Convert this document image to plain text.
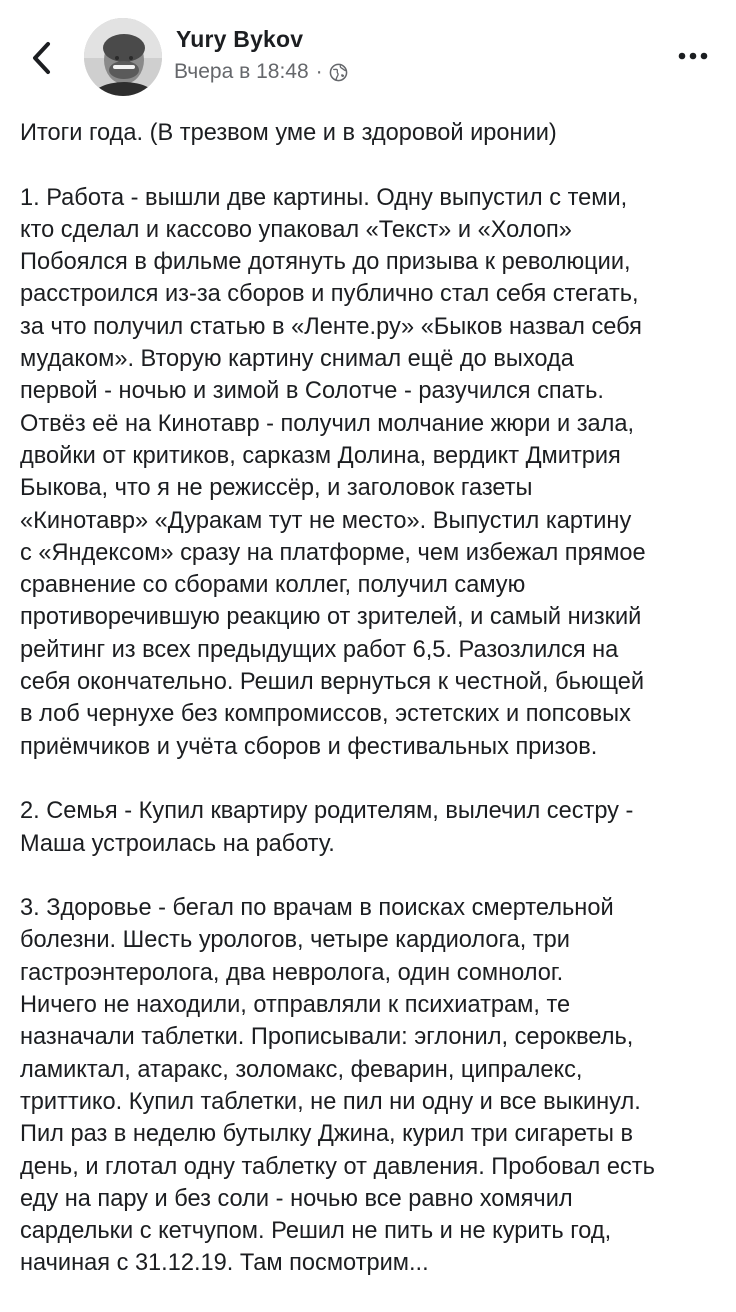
Yury Bykov
Вчера в 18:48 ·

Итоги года. (В трезвом уме и в здоровой иронии)

1. Работа - вышли две картины. Одну выпустил с теми,
кто сделал и кассово упаковал «Текст» и «Холоп»
Побоялся в фильме дотянуть до призыва к революции,
расстроился из-за сборов и публично стал себя стегать,
за что получил статью в «Ленте.ру» «Быков назвал себя
мудаком». Вторую картину снимал ещё до выхода
первой - ночью и зимой в Солотче - разучился спать.
Отвёз её на Кинотавр - получил молчание жюри и зала,
двойки от критиков, сарказм Долина, вердикт Дмитрия
Быкова, что я не режиссёр, и заголовок газеты
«Кинотавр» «Дуракам тут не место». Выпустил картину
с «Яндексом» сразу на платформе, чем избежал прямое
сравнение со сборами коллег, получил самую
противоречившую реакцию от зрителей, и самый низкий
рейтинг из всех предыдущих работ 6,5. Разозлился на
себя окончательно. Решил вернуться к честной, бьющей
в лоб чернухе без компромиссов, эстетских и попсовых
приёмчиков и учёта сборов и фестивальных призов.

2. Семья - Купил квартиру родителям, вылечил сестру -
Маша устроилась на работу.

3. Здоровье - бегал по врачам в поисках смертельной
болезни. Шесть урологов, четыре кардиолога, три
гастроэнтеролога, два невролога, один сомнолог.
Ничего не находили, отправляли к психиатрам, те
назначали таблетки. Прописывали: эглонил, сероквель,
ламиктал, атаракс, золомакс, феварин, ципралекс,
триттико. Купил таблетки, не пил ни одну и все выкинул.
Пил раз в неделю бутылку Джина, курил три сигареты в
день, и глотал одну таблетку от давления. Пробовал есть
еду на пару и без соли - ночью все равно хомячил
сардельки с кетчупом. Решил не пить и не курить год,
начиная с 31.12.19. Там посмотрим...
